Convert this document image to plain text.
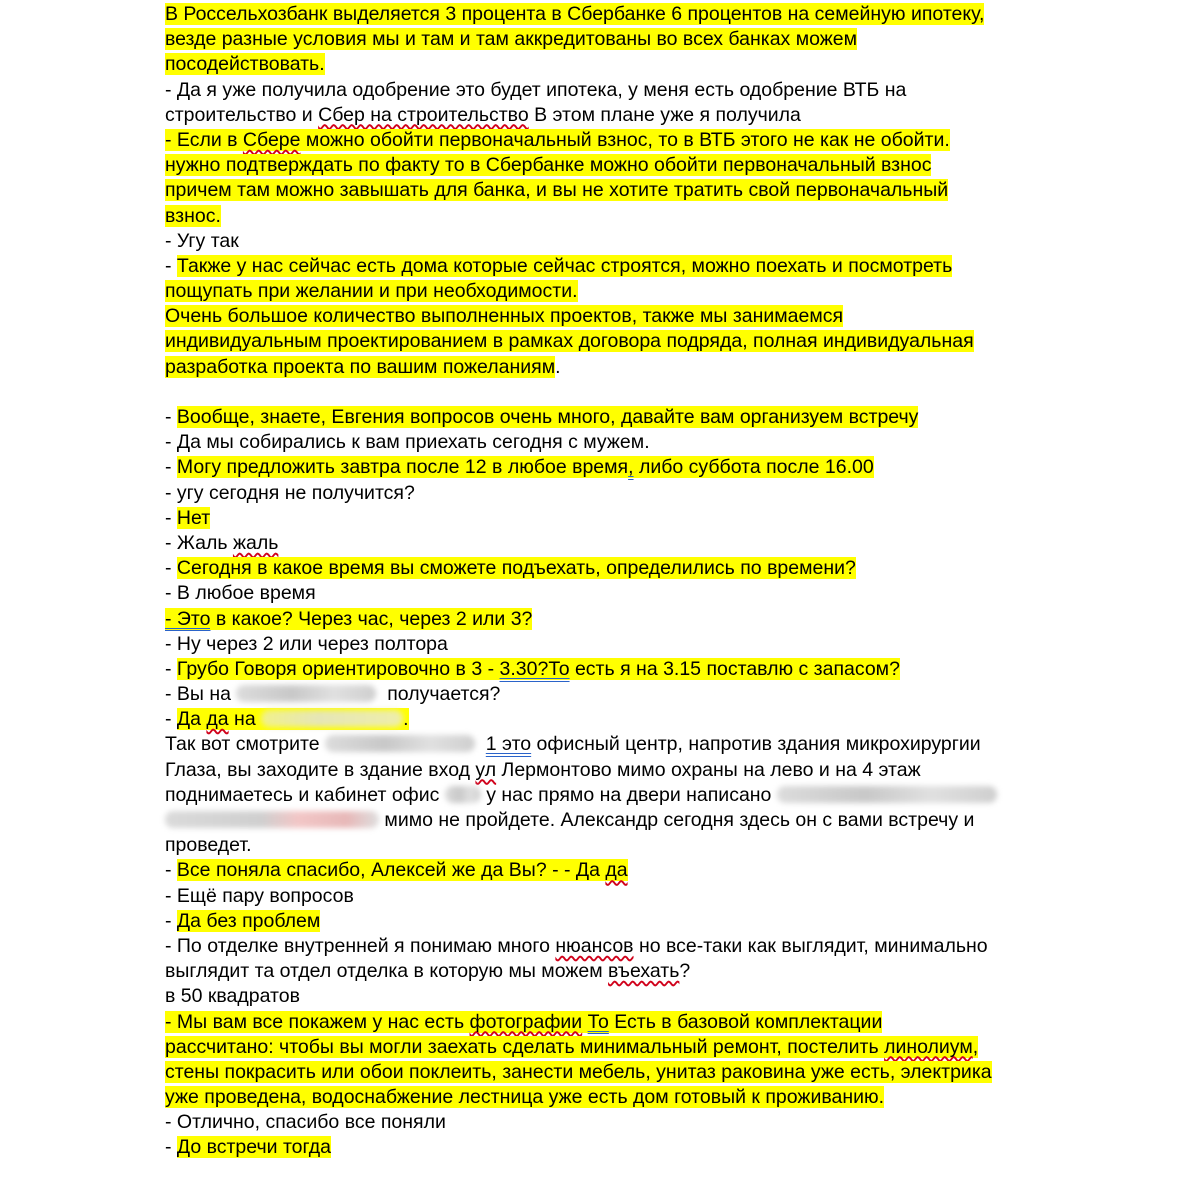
В Россельхозбанк выделяется 3 процента в Сбербанке 6 процентов на семейную ипотеку,
везде разные условия мы и там и там аккредитованы во всех банках можем
посодействовать.
- Да я уже получила одобрение это будет ипотека, у меня есть одобрение ВТБ на
строительство и Сбер на строительство В этом плане уже я получила
- Если в Сбере можно обойти первоначальный взнос, то в ВТБ этого не как не обойти.
нужно подтверждать по факту то в Сбербанке можно обойти первоначальный взнос
причем там можно завышать для банка, и вы не хотите тратить свой первоначальный
взнос.
- Угу так
- Также у нас сейчас есть дома которые сейчас строятся, можно поехать и посмотреть
пощупать при желании и при необходимости.
Очень большое количество выполненных проектов, также мы занимаемся
индивидуальным проектированием в рамках договора подряда, полная индивидуальная
разработка проекта по вашим пожеланиям.
- Вообще, знаете, Евгения вопросов очень много, давайте вам организуем встречу
- Да мы собирались к вам приехать сегодня с мужем.
- Могу предложить завтра после 12 в любое время, либо суббота после 16.00
- угу сегодня не получится?
- Нет
- Жаль жаль
- Сегодня в какое время вы сможете подъехать, определились по времени?
- В любое время
- Это в какое? Через час, через 2 или 3?
- Ну через 2 или через полтора
- Грубо Говоря ориентировочно в 3 - 3.30?То есть я на 3.15 поставлю с запасом?
- Вы на	получается?
- Да да на	.
Так вот смотрите	1 это офисный центр, напротив здания микрохирургии
Глаза, вы заходите в здание вход ул Лермонтово мимо охраны на лево и на 4 этаж
поднимаетесь и кабинет офис  у нас прямо на двери написано
мимо не пройдете. Александр сегодня здесь он с вами встречу и
проведет.
- Все поняла спасибо, Алексей же да Вы? - - Да да
- Ещё пару вопросов
- Да без проблем
- По отделке внутренней я понимаю много нюансов но все-таки как выглядит, минимально
выглядит та отдел отделка в которую мы можем въехать?
в 50 квадратов
- Мы вам все покажем у нас есть фотографии То Есть в базовой комплектации
рассчитано: чтобы вы могли заехать сделать минимальный ремонт, постелить линолиум,
стены покрасить или обои поклеить, занести мебель, унитаз раковина уже есть, электрика
уже проведена, водоснабжение лестница уже есть дом готовый к проживанию.
- Отлично, спасибо все поняли
- До встречи тогда
